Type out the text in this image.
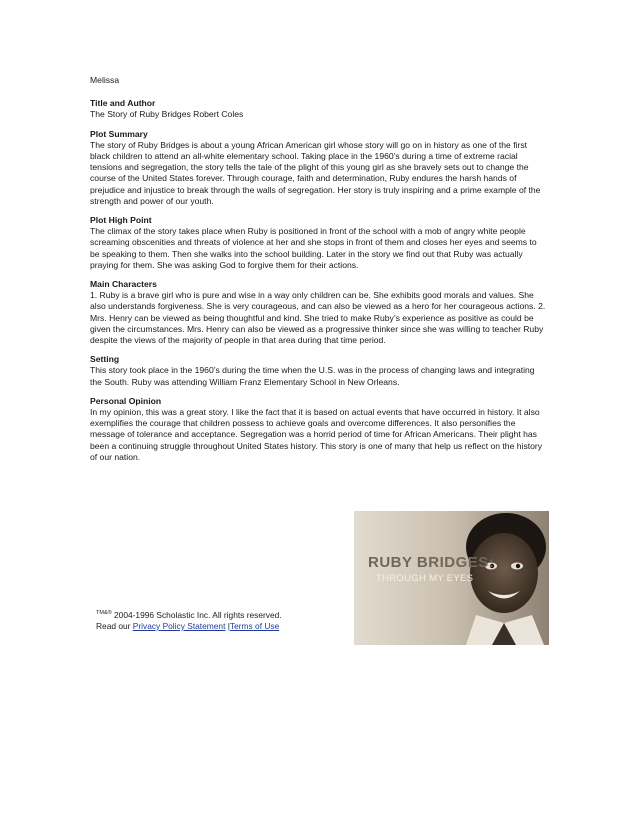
Melissa

Title and Author

The Story of Ruby Bridges Robert Coles

Plot Summary

The story of Ruby Bridges is about a young African American girl whose story will go on in history as one of the first black children to attend an all-white elementary school. Taking place in the 1960’s during a time of extreme racial tensions and segregation, the story tells the tale of the plight of this young girl as she bravely sets out to change the course of the United States forever. Through courage, faith and determination, Ruby endures the harsh hands of prejudice and injustice to break through the walls of segregation. Her story is truly inspiring and a prime example of the strength and power of our youth.

Plot High Point

The climax of the story takes place when Ruby is positioned in front of the school with a mob of angry white people screaming obscenities and threats of violence at her and she stops in front of them and closes her eyes and seems to be speaking to them. Then she walks into the school building. Later in the story we find out that Ruby was actually praying for them. She was asking God to forgive them for their actions.

Main Characters

1. Ruby is a brave girl who is pure and wise in a way only children can be. She exhibits good morals and values. She also understands forgiveness. She is very courageous, and can also be viewed as a hero for her courageous actions. 2. Mrs. Henry can be viewed as being thoughtful and kind. She tried to make Ruby’s experience as positive as could be given the circumstances. Mrs. Henry can also be viewed as a progressive thinker since she was willing to teacher Ruby despite the views of the majority of people in that area during that time period.

Setting

This story took place in the 1960’s during the time when the U.S. was in the process of changing laws and integrating the South. Ruby was attending William Franz Elementary School in New Orleans.

Personal Opinion

In my opinion, this was a great story. I like the fact that it is based on actual events that have occurred in history. It also exemplifies the courage that children possess to achieve goals and overcome differences. It also personifies the message of tolerance and acceptance. Segregation was a horrid period of time for African Americans. Their plight has been a continuing struggle throughout United States history. This story is one of many that help us reflect on the history of our nation.

RUBY BRIDGES:
THROUGH MY EYES
$^{TM\&®}$ 2004-1996 Scholastic Inc. All rights reserved.
Read our Privacy Policy Statement |Terms of Use
